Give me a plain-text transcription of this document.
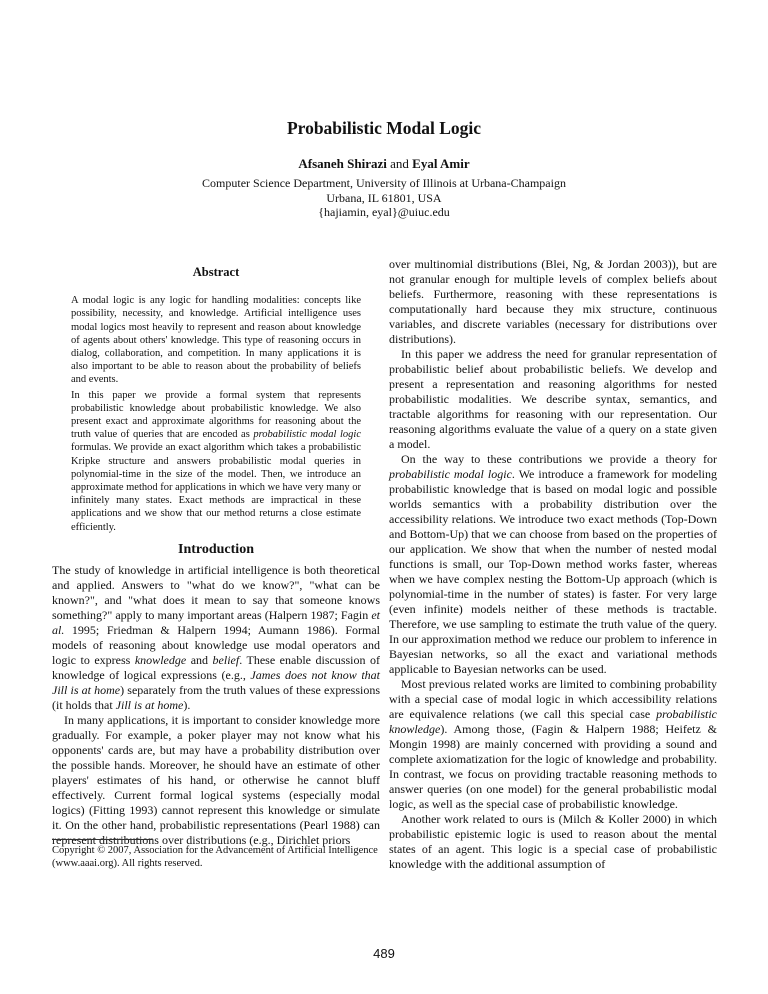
Probabilistic Modal Logic
Afsaneh Shirazi and Eyal Amir
Computer Science Department, University of Illinois at Urbana-Champaign
Urbana, IL 61801, USA
{hajiamin, eyal}@uiuc.edu
Abstract

A modal logic is any logic for handling modalities: concepts like possibility, necessity, and knowledge. Artificial intelligence uses modal logics most heavily to represent and reason about knowledge of agents about others' knowledge. This type of reasoning occurs in dialog, collaboration, and competition. In many applications it is also important to be able to reason about the probability of beliefs and events.

In this paper we provide a formal system that represents probabilistic knowledge about probabilistic knowledge. We also present exact and approximate algorithms for reasoning about the truth value of queries that are encoded as probabilistic modal logic formulas. We provide an exact algorithm which takes a probabilistic Kripke structure and answers probabilistic modal queries in polynomial-time in the size of the model. Then, we introduce an approximate method for applications in which we have very many or infinitely many states. Exact methods are impractical in these applications and we show that our method returns a close estimate efficiently.

Introduction

The study of knowledge in artificial intelligence is both theoretical and applied. Answers to "what do we know?", "what can be known?", and "what does it mean to say that someone knows something?" apply to many important areas (Halpern 1987; Fagin et al. 1995; Friedman & Halpern 1994; Aumann 1986). Formal models of reasoning about knowledge use modal operators and logic to express knowledge and belief. These enable discussion of knowledge of logical expressions (e.g., James does not know that Jill is at home) separately from the truth values of these expressions (it holds that Jill is at home).

In many applications, it is important to consider knowledge more gradually. For example, a poker player may not know what his opponents' cards are, but may have a probability distribution over the possible hands. Moreover, he should have an estimate of other players' estimates of his hand, or otherwise he cannot bluff effectively. Current formal logical systems (especially modal logics) (Fitting 1993) cannot represent this knowledge or simulate it. On the other hand, probabilistic representations (Pearl 1988) can represent distributions over distributions (e.g., Dirichlet priors

over multinomial distributions (Blei, Ng, & Jordan 2003)), but are not granular enough for multiple levels of complex beliefs about beliefs. Furthermore, reasoning with these representations is computationally hard because they mix structure, continuous variables, and discrete variables (necessary for distributions over distributions).

In this paper we address the need for granular representation of probabilistic belief about probabilistic beliefs. We develop and present a representation and reasoning algorithms for nested probabilistic modalities. We describe syntax, semantics, and tractable algorithms for reasoning with our representation. Our reasoning algorithms evaluate the value of a query on a state given a model.

On the way to these contributions we provide a theory for probabilistic modal logic. We introduce a framework for modeling probabilistic knowledge that is based on modal logic and possible worlds semantics with a probability distribution over the accessibility relations. We introduce two exact methods (Top-Down and Bottom-Up) that we can choose from based on the properties of our application. We show that when the number of nested modal functions is small, our Top-Down method works faster, whereas when we have complex nesting the Bottom-Up approach (which is polynomial-time in the number of states) is faster. For very large (even infinite) models neither of these methods is tractable. Therefore, we use sampling to estimate the truth value of the query. In our approximation method we reduce our problem to inference in Bayesian networks, so all the exact and variational methods applicable to Bayesian networks can be used.

Most previous related works are limited to combining probability with a special case of modal logic in which accessibility relations are equivalence relations (we call this special case probabilistic knowledge). Among those, (Fagin & Halpern 1988; Heifetz & Mongin 1998) are mainly concerned with providing a sound and complete axiomatization for the logic of knowledge and probability. In contrast, we focus on providing tractable reasoning methods to answer queries (on one model) for the general probabilistic modal logic, as well as the special case of probabilistic knowledge.

Another work related to ours is (Milch & Koller 2000) in which probabilistic epistemic logic is used to reason about the mental states of an agent. This logic is a special case of probabilistic knowledge with the additional assumption of

Copyright © 2007, Association for the Advancement of Artificial Intelligence (www.aaai.org). All rights reserved.
489
